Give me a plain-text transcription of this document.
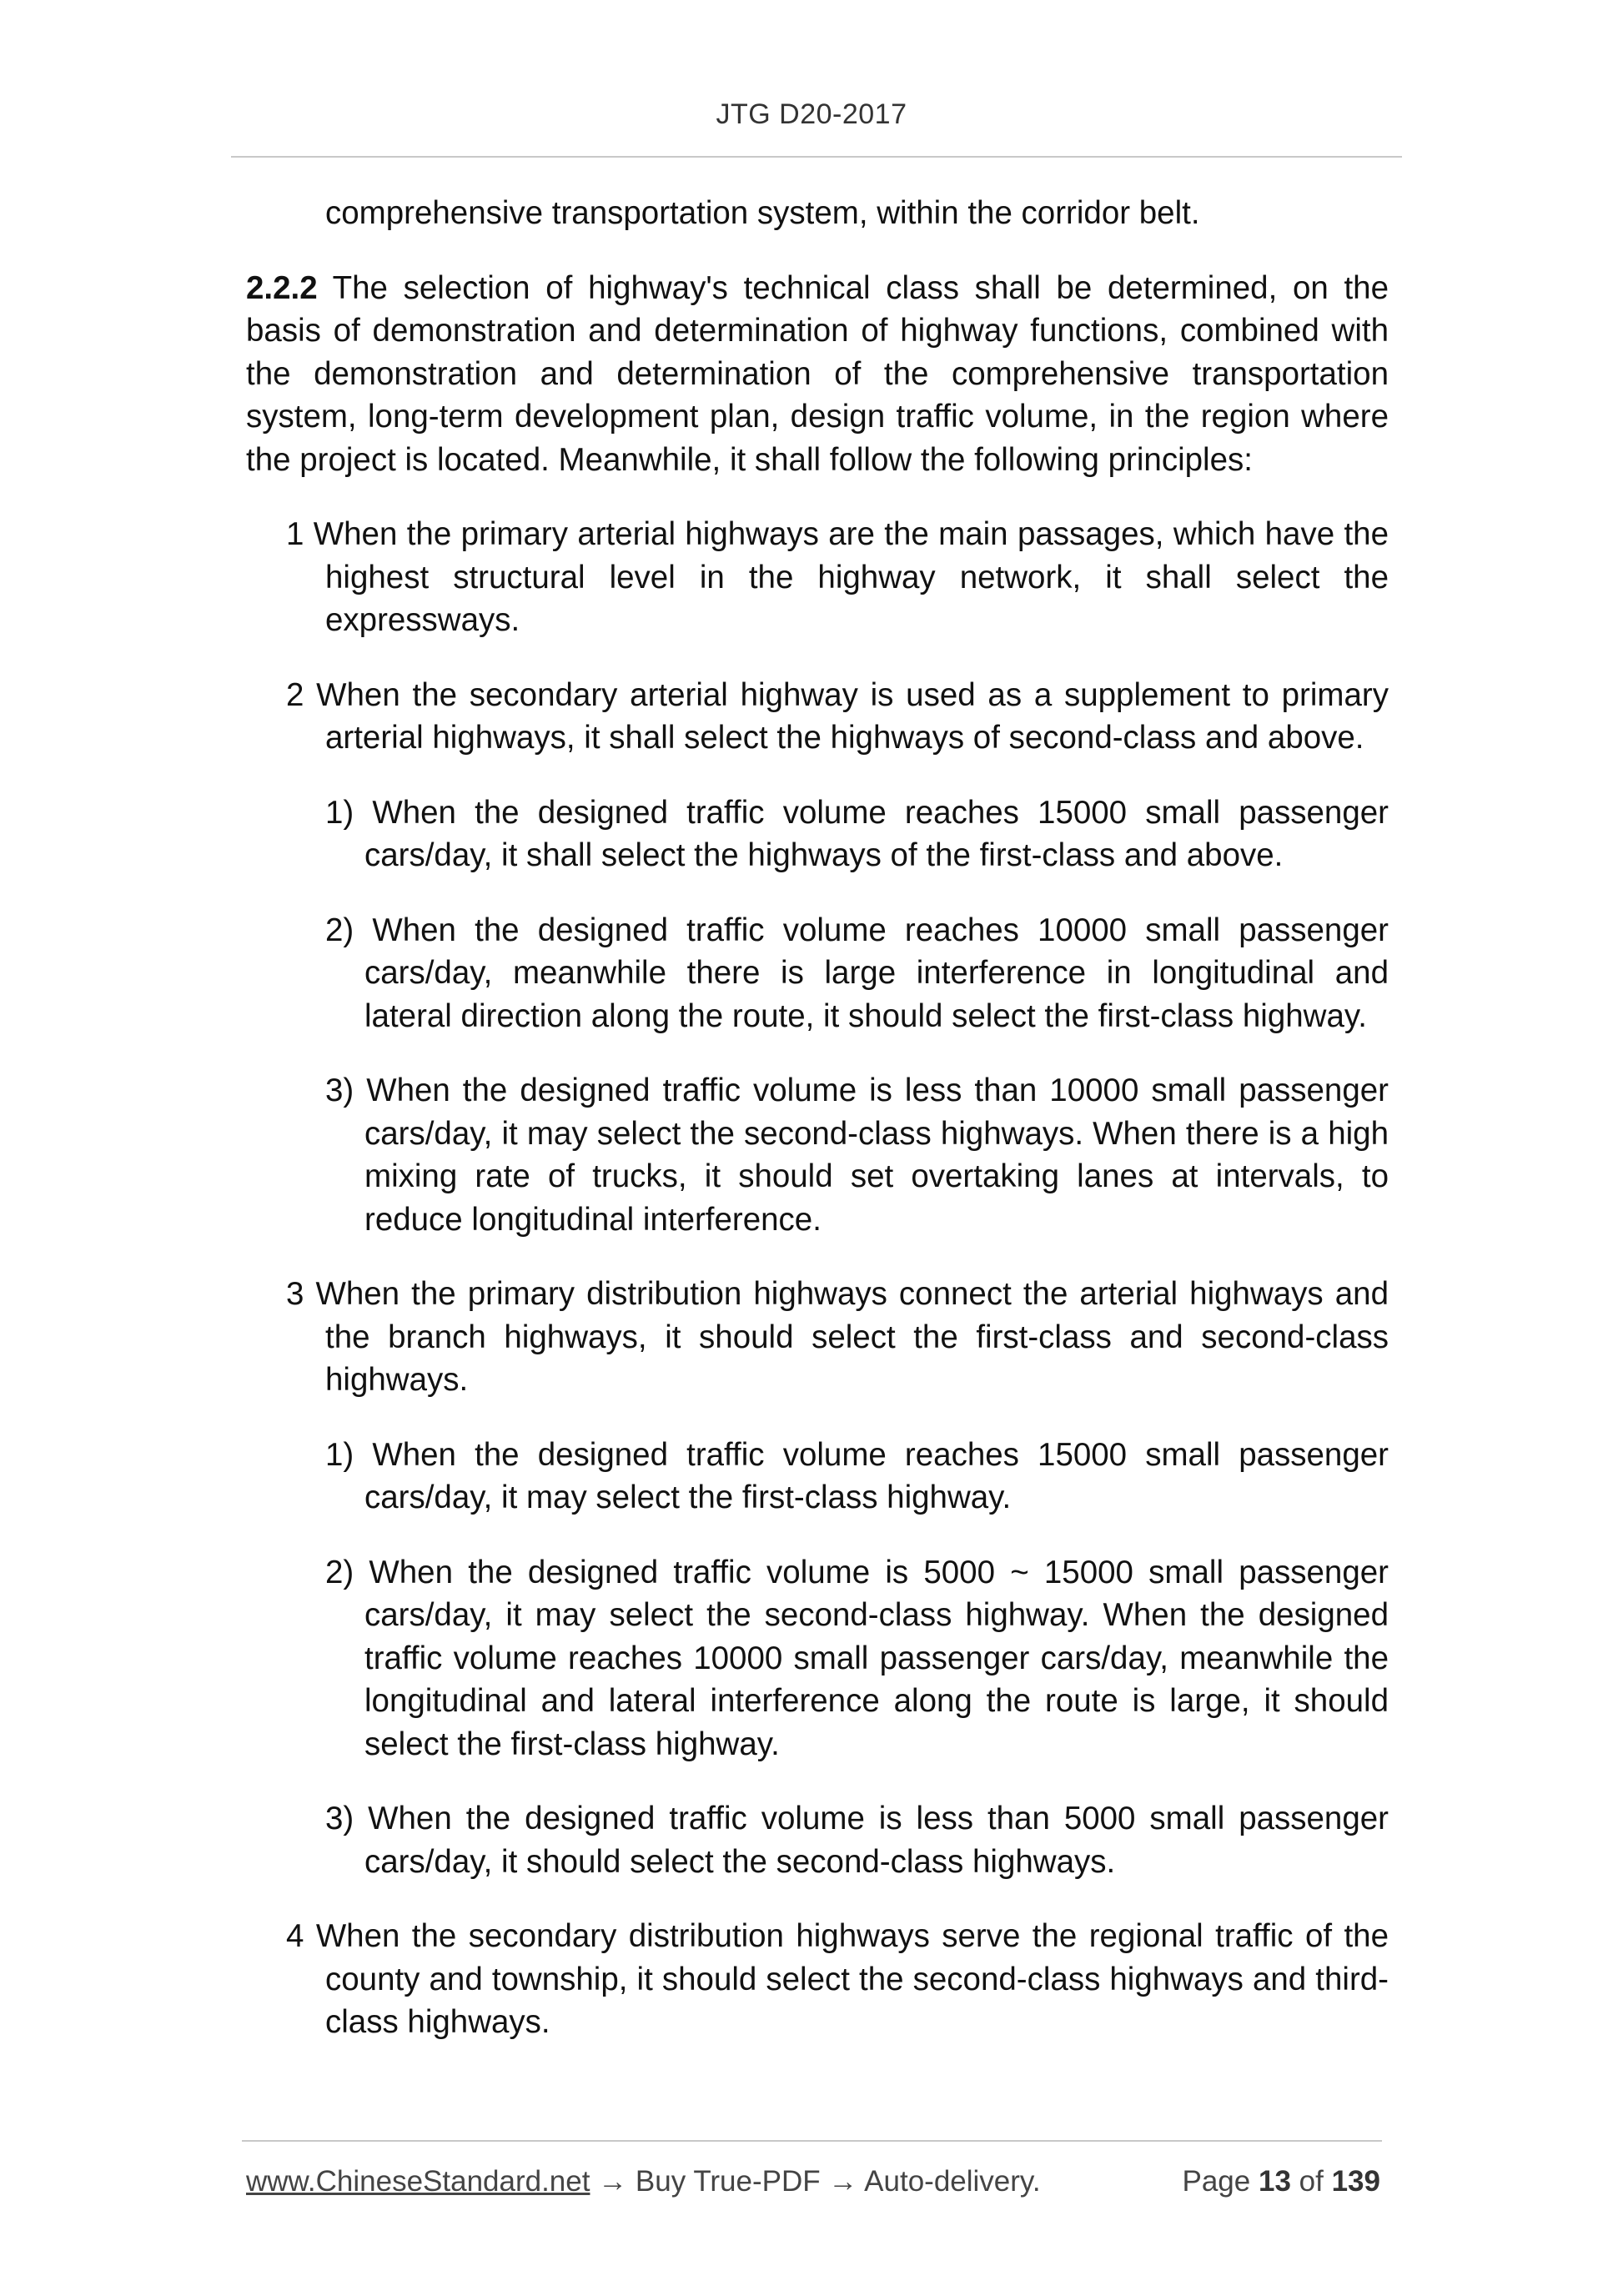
JTG D20-2017

comprehensive transportation system, within the corridor belt.

2.2.2 The selection of highway's technical class shall be determined, on the basis of demonstration and determination of highway functions, combined with the demonstration and determination of the comprehensive transportation system, long-term development plan, design traffic volume, in the region where the project is located. Meanwhile, it shall follow the following principles:

1 When the primary arterial highways are the main passages, which have the highest structural level in the highway network, it shall select the expressways.

2 When the secondary arterial highway is used as a supplement to primary arterial highways, it shall select the highways of second-class and above.

1) When the designed traffic volume reaches 15000 small passenger cars/day, it shall select the highways of the first-class and above.

2) When the designed traffic volume reaches 10000 small passenger cars/day, meanwhile there is large interference in longitudinal and lateral direction along the route, it should select the first-class highway.

3) When the designed traffic volume is less than 10000 small passenger cars/day, it may select the second-class highways. When there is a high mixing rate of trucks, it should set overtaking lanes at intervals, to reduce longitudinal interference.

3 When the primary distribution highways connect the arterial highways and the branch highways, it should select the first-class and second-class highways.

1) When the designed traffic volume reaches 15000 small passenger cars/day, it may select the first-class highway.

2) When the designed traffic volume is 5000 ~ 15000 small passenger cars/day, it may select the second-class highway. When the designed traffic volume reaches 10000 small passenger cars/day, meanwhile the longitudinal and lateral interference along the route is large, it should select the first-class highway.

3) When the designed traffic volume is less than 5000 small passenger cars/day, it should select the second-class highways.

4 When the secondary distribution highways serve the regional traffic of the county and township, it should select the second-class highways and third-class highways.

www.ChineseStandard.net → Buy True-PDF → Auto-delivery.	Page 13 of 139
